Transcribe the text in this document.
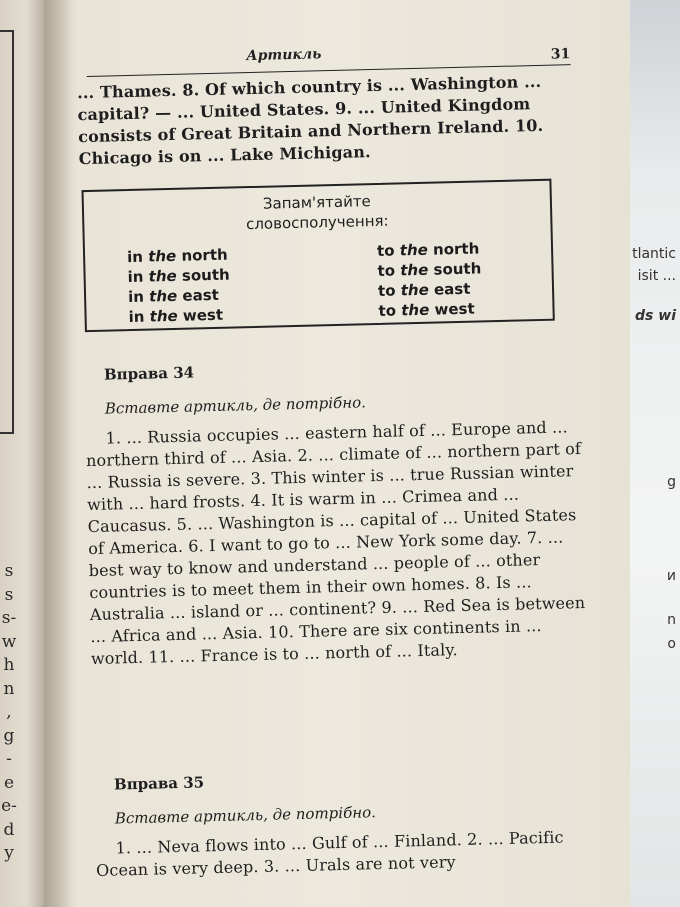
s
s
s-
w
h
n
,
g
-
e
e-
d
y
tlantic
isit ...
ds wi
g
и
n
o
Артикль	31

... Thames. 8. Of which country is ... Washington ... capital? — ... United States. 9. ... United Kingdom consists of Great Britain and Northern Ireland. 10. Chicago is on ... Lake Michigan.

Запам'ятайте
словосполучення:
in the north
in the south
in the east
in the west
to the north
to the south
to the east
to the west
Вправа 34
Вставте артикль, де потрібно.

1. ... Russia occupies ... eastern half of ... Europe and ... northern third of ... Asia. 2. ... climate of ... northern part of ... Russia is severe. 3. This winter is ... true Russian winter with ... hard frosts. 4. It is warm in ... Crimea and ... Caucasus. 5. ... Washington is ... capital of ... United States of America. 6. I want to go to ... New York some day. 7. ... best way to know and understand ... people of ... other countries is to meet them in their own homes. 8. Is ... Australia ... island or ... continent? 9. ... Red Sea is between ... Africa and ... Asia. 10. There are six continents in ... world. 11. ... France is to ... north of ... Italy.

Вправа 35
Вставте артикль, де потрібно.

1. ... Neva flows into ... Gulf of ... Finland. 2. ... Pacific Ocean is very deep. 3. ... Urals are not very
